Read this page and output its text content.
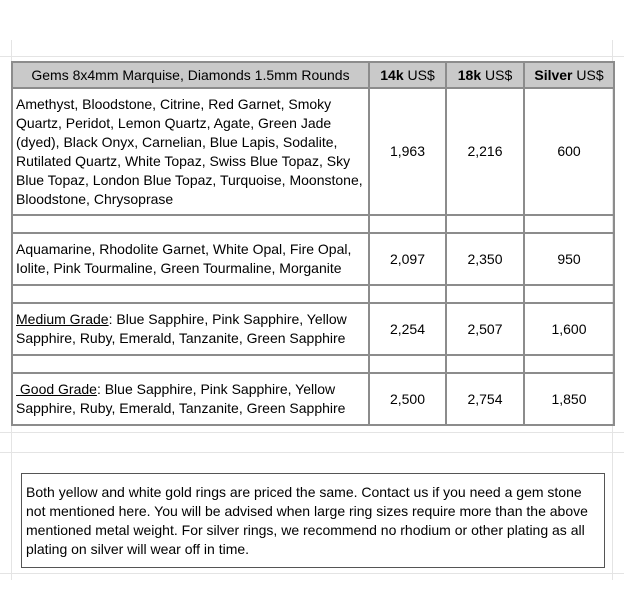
Gems 8x4mm Marquise, Diamonds 1.5mm Rounds	14k US$	18k US$	Silver US$
Amethyst, Bloodstone, Citrine, Red Garnet, Smoky Quartz, Peridot, Lemon Quartz, Agate, Green Jade (dyed), Black Onyx, Carnelian, Blue Lapis, Sodalite, Rutilated Quartz, White Topaz, Swiss Blue Topaz, Sky Blue Topaz, London Blue Topaz, Turquoise, Moonstone, Bloodstone, Chrysoprase	1,963	2,216	600

Aquamarine, Rhodolite Garnet, White Opal, Fire Opal, Iolite, Pink Tourmaline, Green Tourmaline, Morganite	2,097	2,350	950

Medium Grade: Blue Sapphire, Pink Sapphire, Yellow Sapphire, Ruby, Emerald, Tanzanite, Green Sapphire	2,254	2,507	1,600

Good Grade: Blue Sapphire, Pink Sapphire, Yellow Sapphire, Ruby, Emerald, Tanzanite, Green Sapphire	2,500	2,754	1,850
Both yellow and white gold rings are priced the same. Contact us if you need a gem stone not mentioned here. You will be advised when large ring sizes require more than the above mentioned metal weight. For silver rings, we recommend no rhodium or other plating as all plating on silver will wear off in time.
